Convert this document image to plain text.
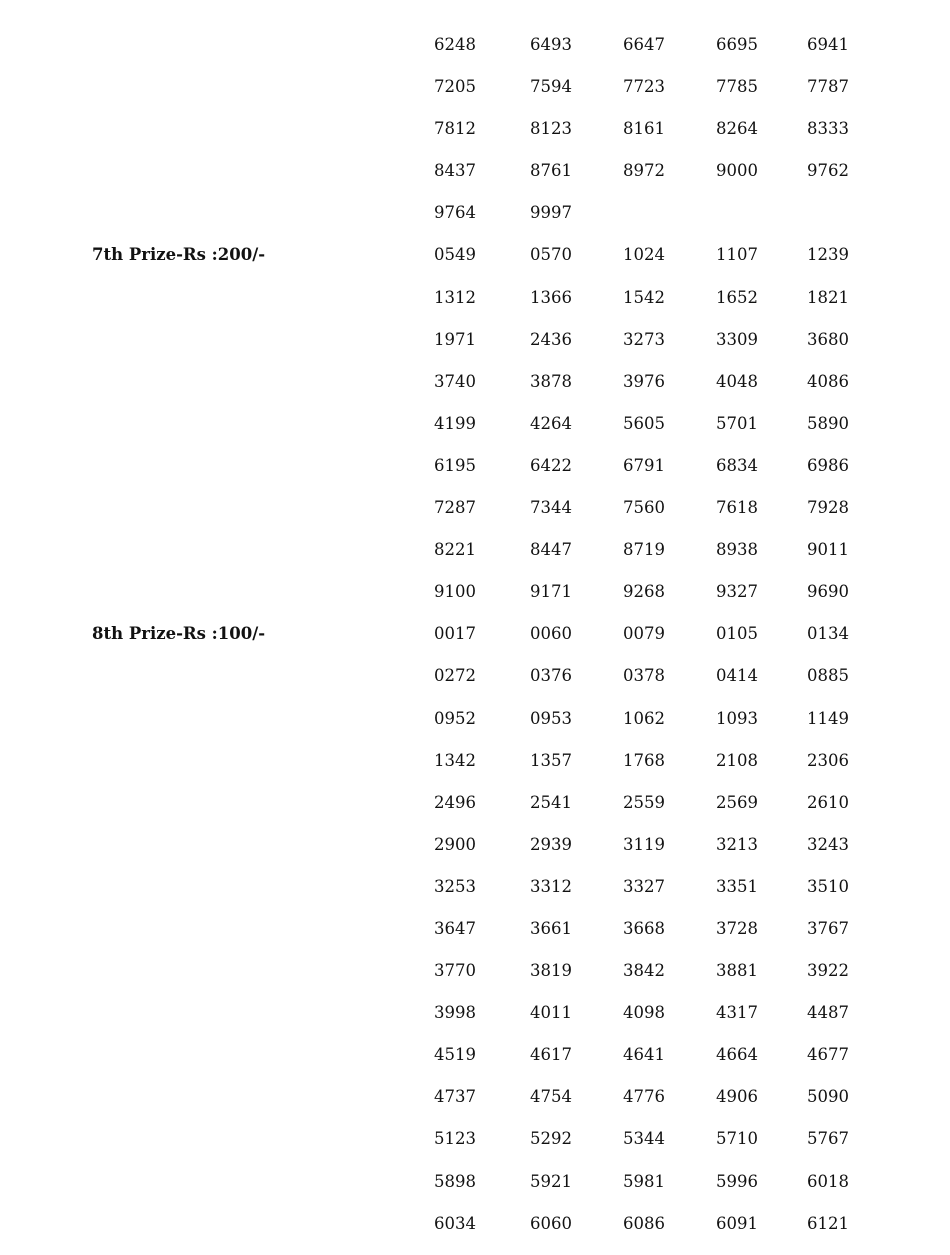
6248	6493	6647	6695	6941
7205	7594	7723	7785	7787
7812	8123	8161	8264	8333
8437	8761	8972	9000	9762
9764	9997
7th Prize-Rs :200/-	0549	0570	1024	1107	1239
1312	1366	1542	1652	1821
1971	2436	3273	3309	3680
3740	3878	3976	4048	4086
4199	4264	5605	5701	5890
6195	6422	6791	6834	6986
7287	7344	7560	7618	7928
8221	8447	8719	8938	9011
9100	9171	9268	9327	9690
8th Prize-Rs :100/-	0017	0060	0079	0105	0134
0272	0376	0378	0414	0885
0952	0953	1062	1093	1149
1342	1357	1768	2108	2306
2496	2541	2559	2569	2610
2900	2939	3119	3213	3243
3253	3312	3327	3351	3510
3647	3661	3668	3728	3767
3770	3819	3842	3881	3922
3998	4011	4098	4317	4487
4519	4617	4641	4664	4677
4737	4754	4776	4906	5090
5123	5292	5344	5710	5767
5898	5921	5981	5996	6018
6034	6060	6086	6091	6121
